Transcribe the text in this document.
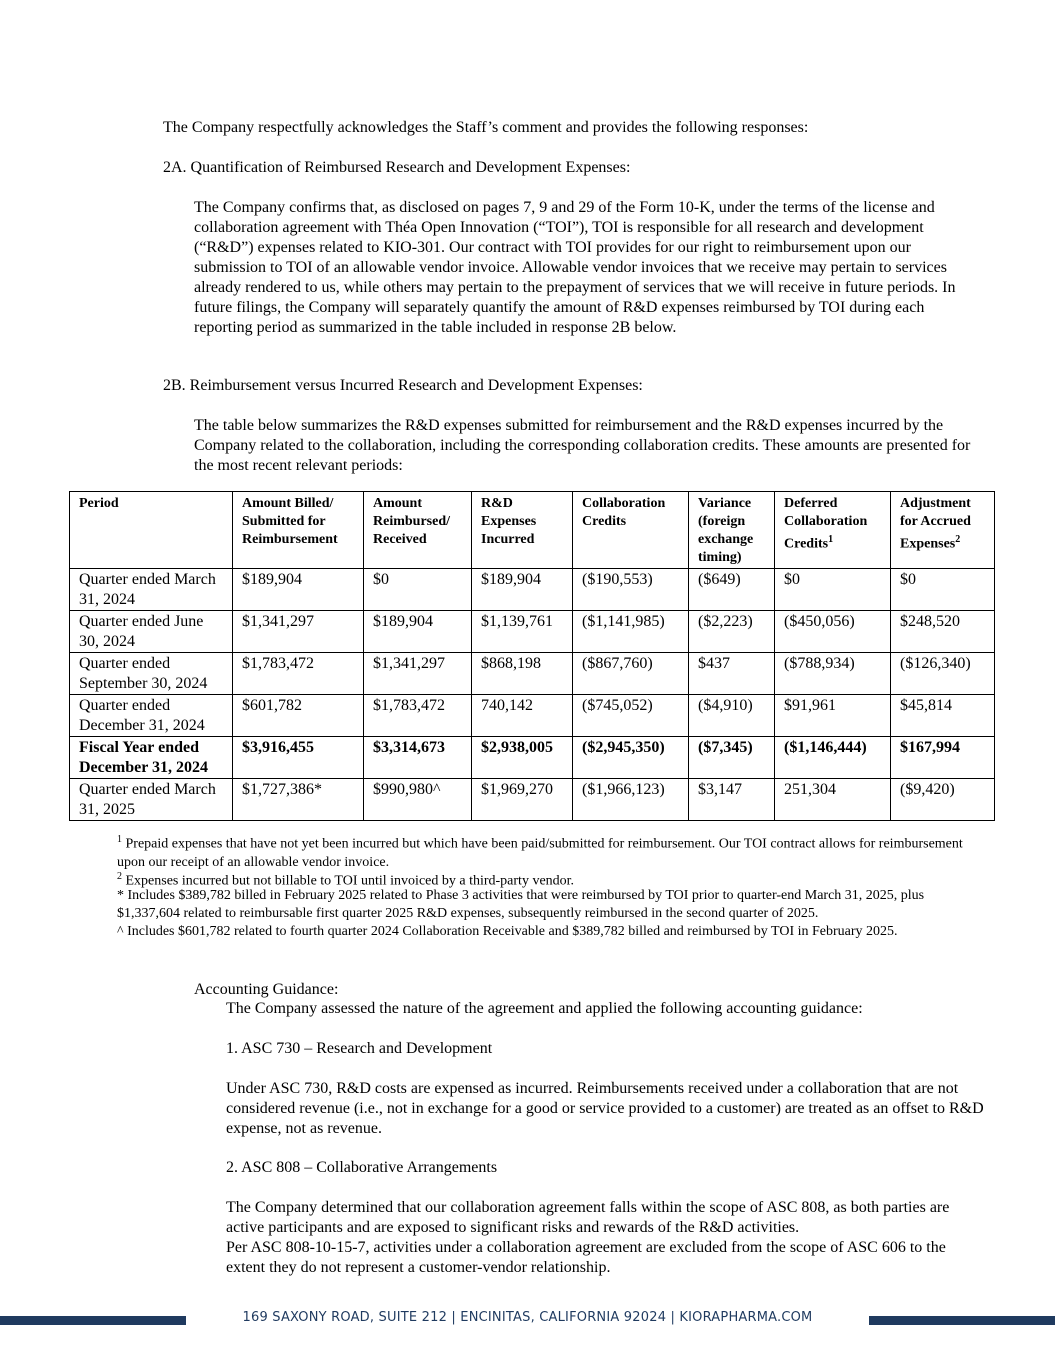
The Company respectfully acknowledges the Staff’s comment and provides the following responses:

2A. Quantification of Reimbursed Research and Development Expenses:

The Company confirms that, as disclosed on pages 7, 9 and 29 of the Form 10-K, under the terms of the license and collaboration agreement with Théa Open Innovation (“TOI”), TOI is responsible for all research and development (“R&D”) expenses related to KIO-301. Our contract with TOI provides for our right to reimbursement upon our submission to TOI of an allowable vendor invoice. Allowable vendor invoices that we receive may pertain to services already rendered to us, while others may pertain to the prepayment of services that we will receive in future periods. In future filings, the Company will separately quantify the amount of R&D expenses reimbursed by TOI during each reporting period as summarized in the table included in response 2B below.

2B. Reimbursement versus Incurred Research and Development Expenses:

The table below summarizes the R&D expenses submitted for reimbursement and the R&D expenses incurred by the Company related to the collaboration, including the corresponding collaboration credits. These amounts are presented for the most recent relevant periods:

Period	Amount Billed/ Submitted for Reimbursement	Amount Reimbursed/ Received	R&D Expenses Incurred	Collaboration Credits	Variance (foreign exchange timing)	Deferred Collaboration Credits$^1$	Adjustment for Accrued Expenses$^2$
Quarter ended March 31, 2024	$189,904	$0	$189,904	($190,553)	($649)	$0	$0
Quarter ended June 30, 2024	$1,341,297	$189,904	$1,139,761	($1,141,985)	($2,223)	($450,056)	$248,520
Quarter ended September 30, 2024	$1,783,472	$1,341,297	$868,198	($867,760)	$437	($788,934)	($126,340)
Quarter ended December 31, 2024	$601,782	$1,783,472	740,142	($745,052)	($4,910)	$91,961	$45,814
Fiscal Year ended December 31, 2024	$3,916,455	$3,314,673	$2,938,005	($2,945,350)	($7,345)	($1,146,444)	$167,994
Quarter ended March 31, 2025	$1,727,386*	$990,980^	$1,969,270	($1,966,123)	$3,147	251,304	($9,420)

$^1$ Prepaid expenses that have not yet been incurred but which have been paid/submitted for reimbursement. Our TOI contract allows for reimbursement upon our receipt of an allowable vendor invoice.

$^2$ Expenses incurred but not billable to TOI until invoiced by a third-party vendor.

* Includes $389,782 billed in February 2025 related to Phase 3 activities that were reimbursed by TOI prior to quarter-end March 31, 2025, plus $1,337,604 related to reimbursable first quarter 2025 R&D expenses, subsequently reimbursed in the second quarter of 2025.

^ Includes $601,782 related to fourth quarter 2024 Collaboration Receivable and $389,782 billed and reimbursed by TOI in February 2025.

Accounting Guidance:

The Company assessed the nature of the agreement and applied the following accounting guidance:

1. ASC 730 – Research and Development

Under ASC 730, R&D costs are expensed as incurred. Reimbursements received under a collaboration that are not considered revenue (i.e., not in exchange for a good or service provided to a customer) are treated as an offset to R&D expense, not as revenue.

2. ASC 808 – Collaborative Arrangements

The Company determined that our collaboration agreement falls within the scope of ASC 808, as both parties are active participants and are exposed to significant risks and rewards of the R&D activities.

Per ASC 808-10-15-7, activities under a collaboration agreement are excluded from the scope of ASC 606 to the extent they do not represent a customer-vendor relationship.

169 SAXONY ROAD, SUITE 212 | ENCINITAS, CALIFORNIA 92024 | KIORAPHARMA.COM
